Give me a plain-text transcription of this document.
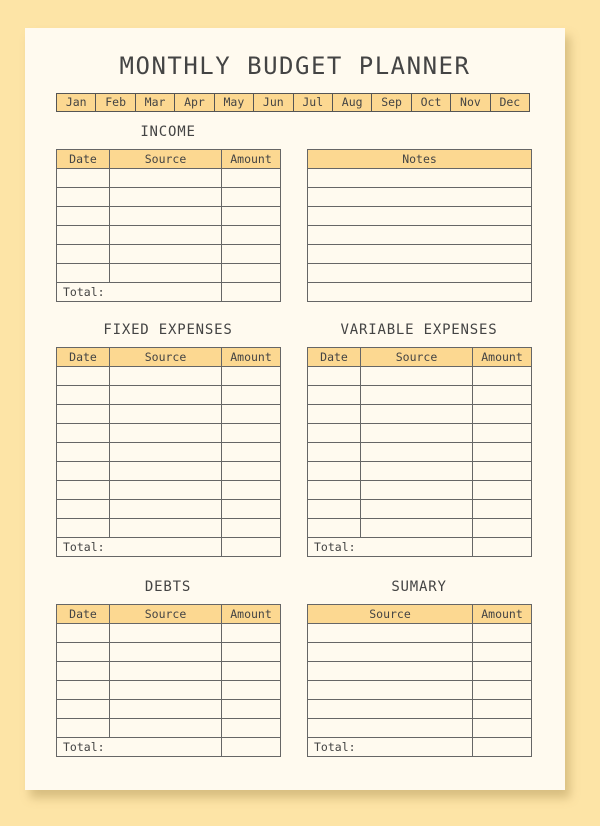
MONTHLY BUDGET PLANNER
Jan	Feb	Mar	Apr	May	Jun	Jul	Aug	Sep	Oct	Nov	Dec
INCOME
Date	Source	Amount

Total:		
Notes

FIXED EXPENSES
Date	Source	Amount

Total:		
VARIABLE EXPENSES
Date	Source	Amount

Total:		
DEBTS
Date	Source	Amount

Total:		
SUMARY
Source	Amount

Total:	
